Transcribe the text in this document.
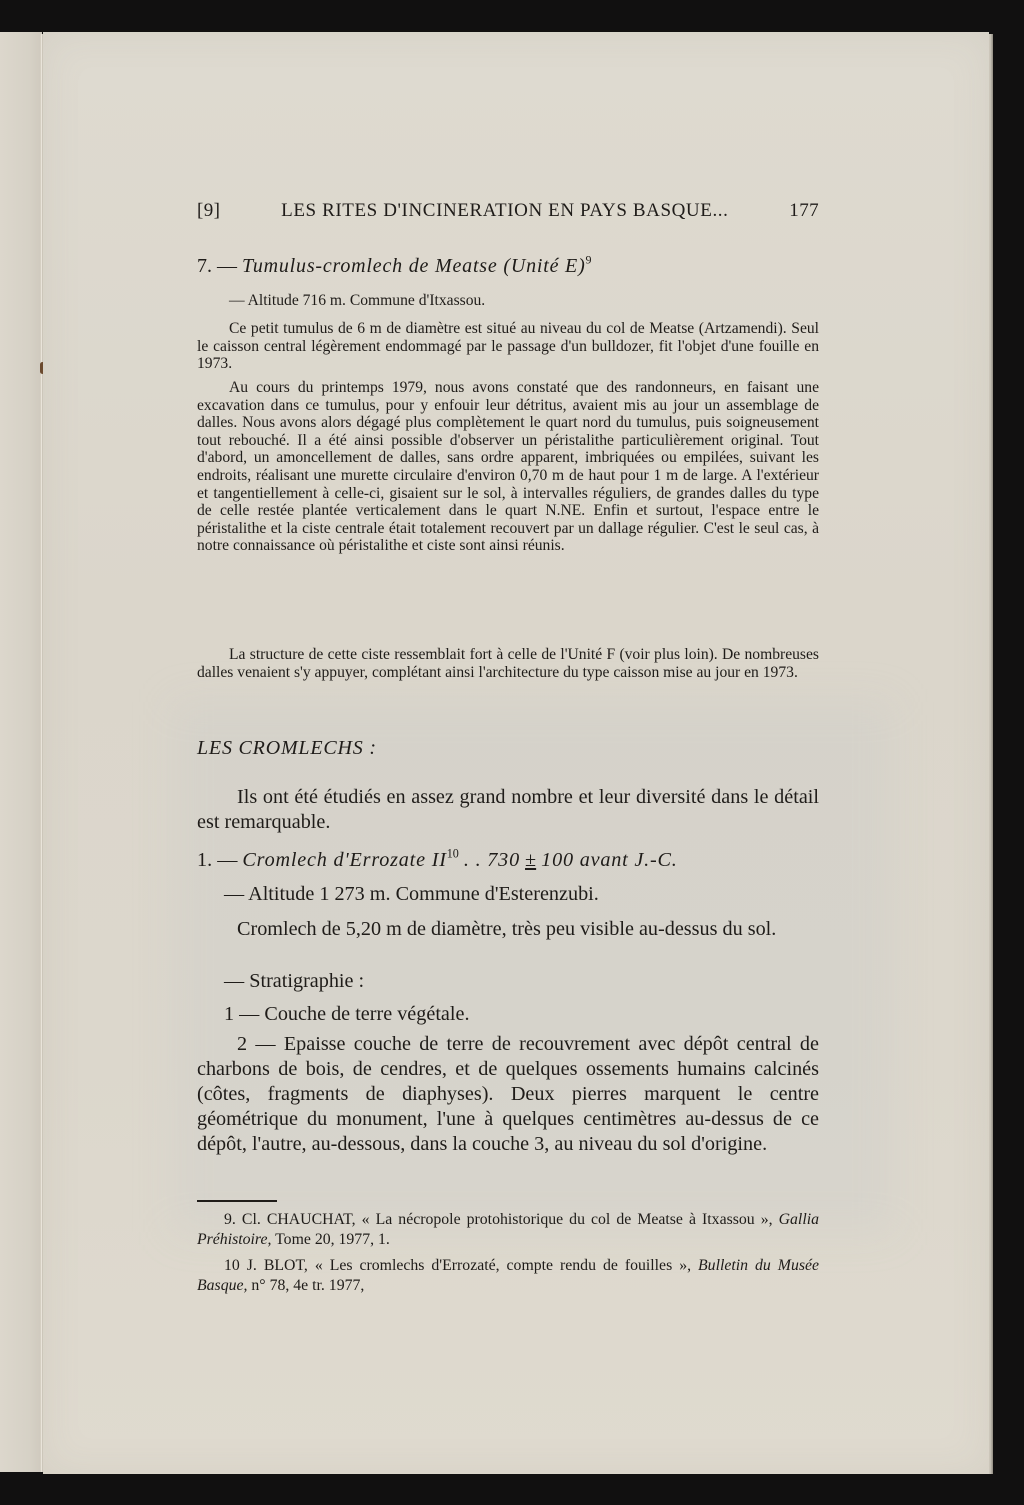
[9]	LES RITES D'INCINERATION EN PAYS BASQUE...	177
7. — Tumulus-cromlech de Meatse (Unité E)$^9$

— Altitude 716 m. Commune d'Itxassou.

Ce petit tumulus de 6 m de diamètre est situé au niveau du col de Meatse (Artzamendi). Seul le caisson central légèrement endommagé par le passage d'un bulldozer, fit l'objet d'une fouille en 1973.

Au cours du printemps 1979, nous avons constaté que des randonneurs, en faisant une excavation dans ce tumulus, pour y enfouir leur détritus, avaient mis au jour un assemblage de dalles. Nous avons alors dégagé plus complètement le quart nord du tumulus, puis soigneusement tout rebouché. Il a été ainsi possible d'observer un péristalithe particulièrement original. Tout d'abord, un amoncellement de dalles, sans ordre apparent, imbriquées ou empilées, suivant les endroits, réalisant une murette circulaire d'environ 0,70 m de haut pour 1 m de large. A l'extérieur et tangentiellement à celle-ci, gisaient sur le sol, à intervalles réguliers, de grandes dalles du type de celle restée plantée verticalement dans le quart N.NE. Enfin et surtout, l'espace entre le péristalithe et la ciste centrale était totalement recouvert par un dallage régulier. C'est le seul cas, à notre connaissance où péristalithe et ciste sont ainsi réunis.

La structure de cette ciste ressemblait fort à celle de l'Unité F (voir plus loin). De nombreuses dalles venaient s'y appuyer, complétant ainsi l'architecture du type caisson mise au jour en 1973.

LES CROMLECHS :

Ils ont été étudiés en assez grand nombre et leur diversité dans le détail est remarquable.

1. — Cromlech d'Errozate II$^{10}$ . . 730 ± 100 avant J.-C.

— Altitude 1 273 m. Commune d'Esterenzubi.

Cromlech de 5,20 m de diamètre, très peu visible au-dessus du sol.

— Stratigraphie :

1 — Couche de terre végétale.

2 — Epaisse couche de terre de recouvrement avec dépôt central de charbons de bois, de cendres, et de quelques ossements humains calcinés (côtes, fragments de diaphyses). Deux pierres marquent le centre géométrique du monument, l'une à quelques centimètres au-dessus de ce dépôt, l'autre, au-dessous, dans la couche 3, au niveau du sol d'origine.

9. Cl. CHAUCHAT, « La nécropole protohistorique du col de Meatse à Itxassou », Gallia Préhistoire, Tome 20, 1977, 1.

10 J. BLOT, « Les cromlechs d'Errozaté, compte rendu de fouilles », Bulletin du Musée Basque, n° 78, 4e tr. 1977,
